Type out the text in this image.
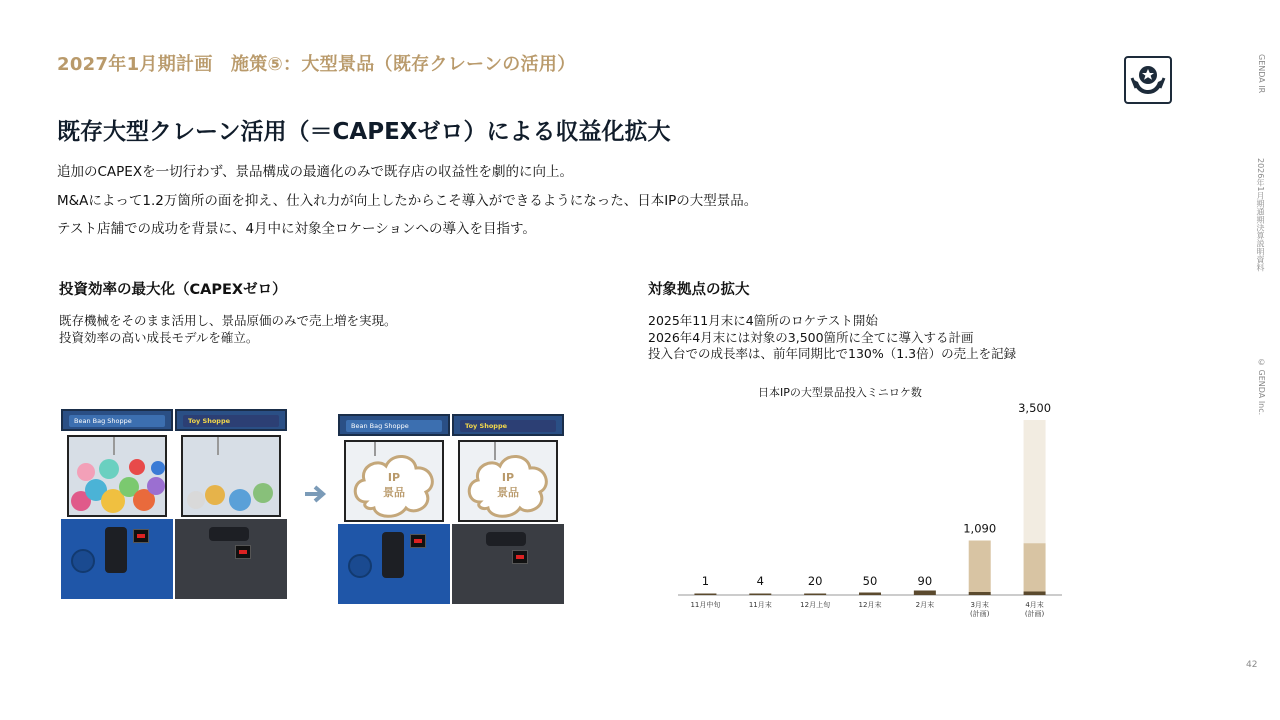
2027年1月期計画　施策⑤：大型景品（既存クレーンの活用）	GENDA IR
2026年1月期通期決算説明資料
© GENDA Inc.
42
既存大型クレーン活用（＝CAPEXゼロ）による収益化拡大
追加のCAPEXを一切行わず、景品構成の最適化のみで既存店の収益性を劇的に向上。
M&Aによって1.2万箇所の面を抑え、仕入れ力が向上したからこそ導入ができるようになった、日本IPの大型景品。
テスト店舗での成功を背景に、4月中に対象全ロケーションへの導入を目指す。
投資効率の最大化（CAPEXゼロ）
既存機械をそのまま活用し、景品原価のみで売上増を実現。
投資効率の高い成長モデルを確立。
対象拠点の拡大
2025年11月末に4箇所のロケテスト開始
2026年4月末には対象の3,500箇所に全てに導入する計画
投入台での成長率は、前年同期比で130%（1.3倍）の売上を記録
Bean Bag Shoppe	Toy Shoppe
Bean Bag Shoppe
IP
景品
Toy Shoppe
IP
景品
日本IPの大型景品投入ミニロケ数
1
11月中旬
4
11月末
20
12月上旬
50
12月末
90
2月末
1,090
3月末
(計画)
3,500
4月末
(計画)
